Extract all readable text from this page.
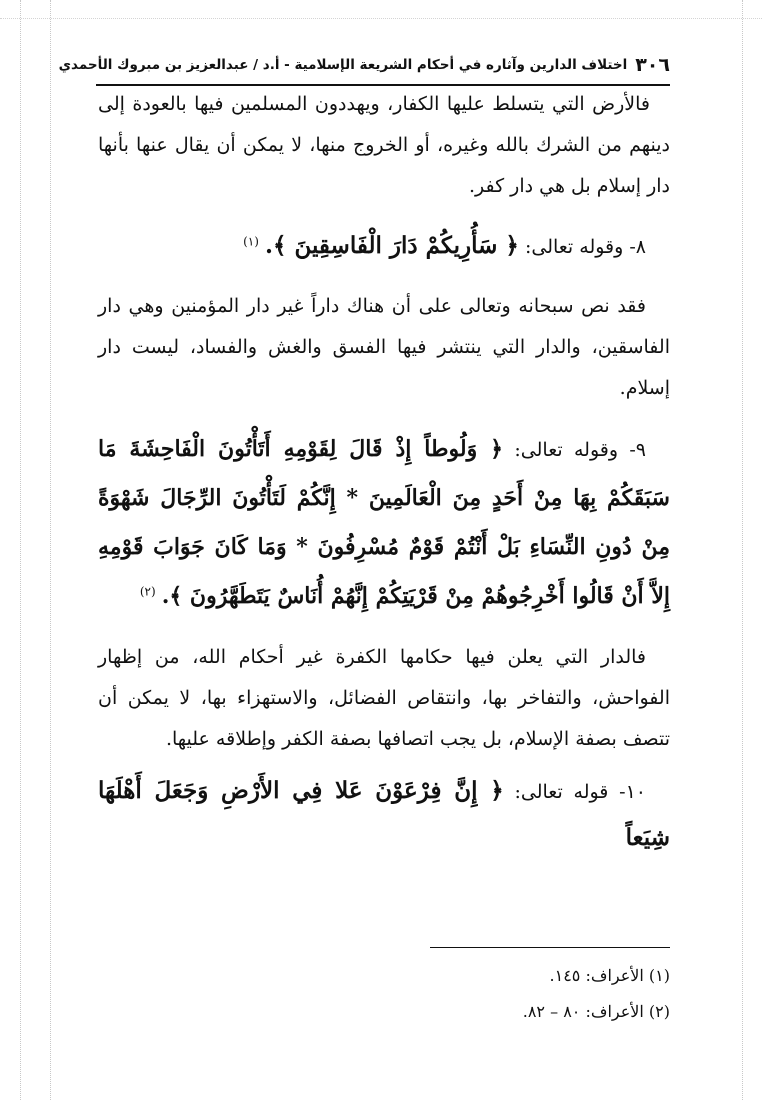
٣٠٦
اختلاف الدارين وآثاره في أحكام الشريعة الإسلامية - أ.د / عبدالعزيز بن مبروك الأحمدي

فالأرض التي يتسلط عليها الكفار، ويهددون المسلمين فيها بالعودة إلى دينهم من الشرك بالله وغيره، أو الخروج منها، لا يمكن أن يقال عنها بأنها دار إسلام بل هي دار كفر.

٨- وقوله تعالى: ﴿ سَأُرِيكُمْ دَارَ الْفَاسِقِينَ ﴾. $^{(١)}$

فقد نص سبحانه وتعالى على أن هناك داراً غير دار المؤمنين وهي دار الفاسقين، والدار التي ينتشر فيها الفسق والغش والفساد، ليست دار إسلام.

٩- وقوله تعالى: ﴿ وَلُوطاً إِذْ قَالَ لِقَوْمِهِ أَتَأْتُونَ الْفَاحِشَةَ مَا سَبَقَكُمْ بِهَا مِنْ أَحَدٍ مِنَ الْعَالَمِينَ * إِنَّكُمْ لَتَأْتُونَ الرِّجَالَ شَهْوَةً مِنْ دُونِ النِّسَاءِ بَلْ أَنْتُمْ قَوْمٌ مُسْرِفُونَ * وَمَا كَانَ جَوَابَ قَوْمِهِ إِلاَّ أَنْ قَالُوا أَخْرِجُوهُمْ مِنْ قَرْيَتِكُمْ إِنَّهُمْ أُنَاسٌ يَتَطَهَّرُونَ ﴾. $^{(٢)}$

فالدار التي يعلن فيها حكامها الكفرة غير أحكام الله، من إظهار الفواحش، والتفاخر بها، وانتقاص الفضائل، والاستهزاء بها، لا يمكن أن تتصف بصفة الإسلام، بل يجب اتصافها بصفة الكفر وإطلاقه عليها.

١٠- قوله تعالى: ﴿ إِنَّ فِرْعَوْنَ عَلا فِي الأَرْضِ وَجَعَلَ أَهْلَهَا شِيَعاً

(١) الأعراف: ١٤٥.

(٢) الأعراف: ٨٠ – ٨٢.
